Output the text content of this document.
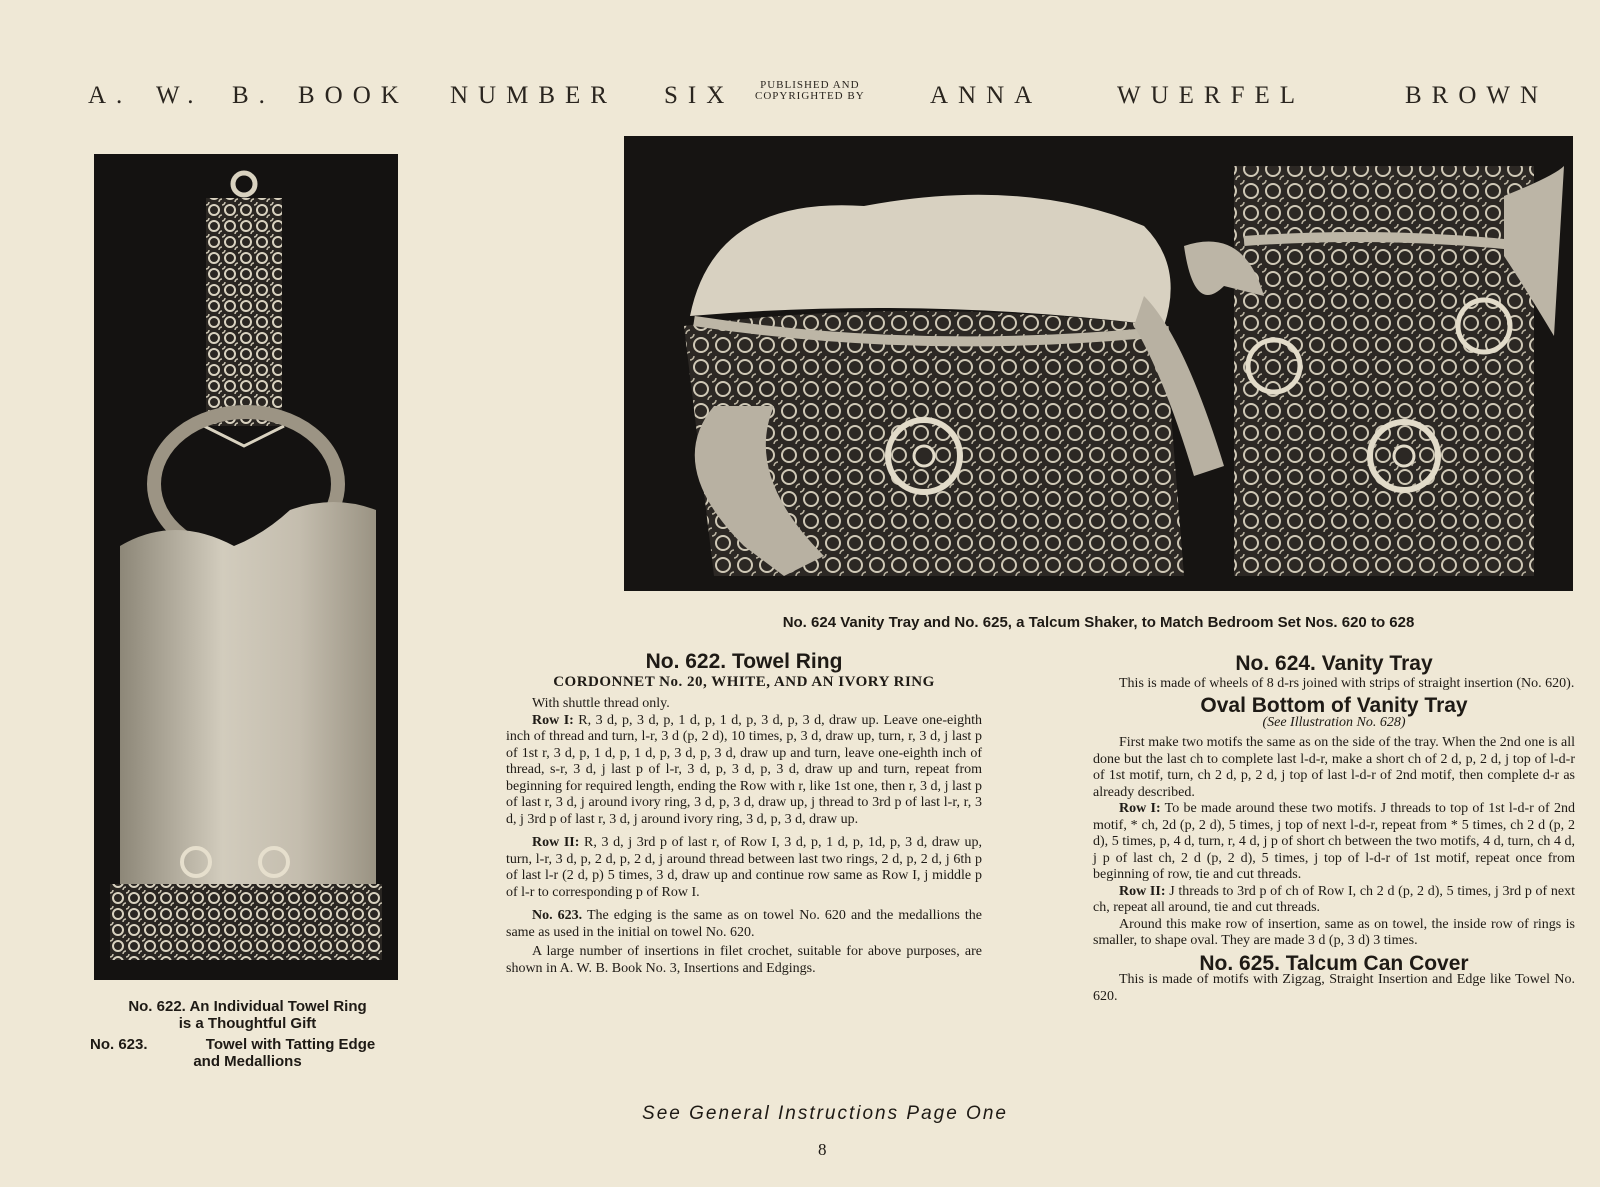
A. W. B. BOOK NUMBER SIX	PUBLISHED AND
COPYRIGHTED BY	ANNA	WUERFEL	BROWN
No. 624 Vanity Tray and No. 625, a Talcum Shaker, to Match Bedroom Set Nos. 620 to 628
No. 622. An Individual Towel Ring
is a Thoughtful Gift
No. 623.	Towel with Tatting Edge
and Medallions
No. 622. Towel Ring
CORDONNET No. 20, WHITE, AND AN IVORY RING

With shuttle thread only.

Row I: R, 3 d, p, 3 d, p, 1 d, p, 1 d, p, 3 d, p, 3 d, draw up. Leave one-eighth inch of thread and turn, l-r, 3 d (p, 2 d), 10 times, p, 3 d, draw up, turn, r, 3 d, j last p of 1st r, 3 d, p, 1 d, p, 1 d, p, 3 d, p, 3 d, draw up and turn, leave one-eighth inch of thread, s-r, 3 d, j last p of l-r, 3 d, p, 3 d, p, 3 d, draw up and turn, repeat from beginning for required length, ending the Row with r, like 1st one, then r, 3 d, j last p of last r, 3 d, j around ivory ring, 3 d, p, 3 d, draw up, j thread to 3rd p of last l-r, r, 3 d, j 3rd p of last r, 3 d, j around ivory ring, 3 d, p, 3 d, draw up.

Row II: R, 3 d, j 3rd p of last r, of Row I, 3 d, p, 1 d, p, 1d, p, 3 d, draw up, turn, l-r, 3 d, p, 2 d, p, 2 d, j around thread between last two rings, 2 d, p, 2 d, j 6th p of last l-r (2 d, p) 5 times, 3 d, draw up and continue row same as Row I, j middle p of l-r to corresponding p of Row I.

No. 623. The edging is the same as on towel No. 620 and the medallions the same as used in the initial on towel No. 620.

A large number of insertions in filet crochet, suitable for above purposes, are shown in A. W. B. Book No. 3, Insertions and Edgings.

No. 624. Vanity Tray

This is made of wheels of 8 d-rs joined with strips of straight insertion (No. 620).

Oval Bottom of Vanity Tray
(See Illustration No. 628)

First make two motifs the same as on the side of the tray. When the 2nd one is all done but the last ch to complete last l-d-r, make a short ch of 2 d, p, 2 d, j top of l-d-r of 1st motif, turn, ch 2 d, p, 2 d, j top of last l-d-r of 2nd motif, then complete d-r as already described.

Row I: To be made around these two motifs. J threads to top of 1st l-d-r of 2nd motif, * ch, 2d (p, 2 d), 5 times, j top of next l-d-r, repeat from * 5 times, ch 2 d (p, 2 d), 5 times, p, 4 d, turn, r, 4 d, j p of short ch between the two motifs, 4 d, turn, ch 4 d, j p of last ch, 2 d (p, 2 d), 5 times, j top of l-d-r of 1st motif, repeat once from beginning of row, tie and cut threads.

Row II: J threads to 3rd p of ch of Row I, ch 2 d (p, 2 d), 5 times, j 3rd p of next ch, repeat all around, tie and cut threads.

Around this make row of insertion, same as on towel, the inside row of rings is smaller, to shape oval. They are made 3 d (p, 3 d) 3 times.

No. 625. Talcum Can Cover

This is made of motifs with Zigzag, Straight Insertion and Edge like Towel No. 620.

See General Instructions Page One
8
